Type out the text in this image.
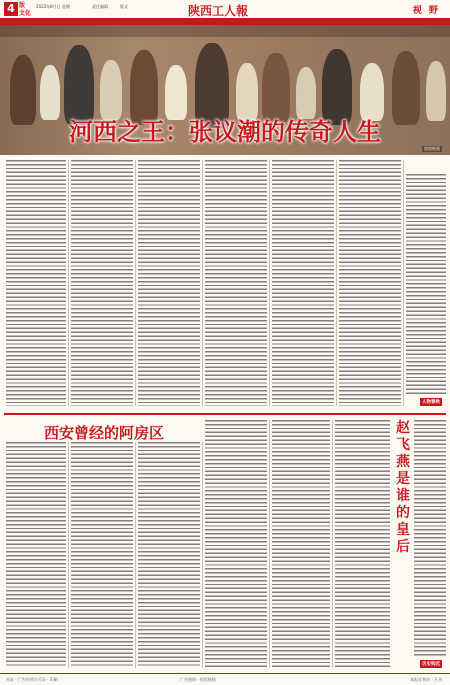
4 版
文化
2023年8月日 星期	责任编辑	版式	陕西工人報	视 野
河西之王：张议潮的传奇人生
敦煌壁画
人物春秋
西安曾经的阿房区	赵飞燕是谁的皇后
历史钩沉
社址 · 广告经营许可证 · 印刷	广告热线 · 投诉热线	本报零售价 · 月刊
